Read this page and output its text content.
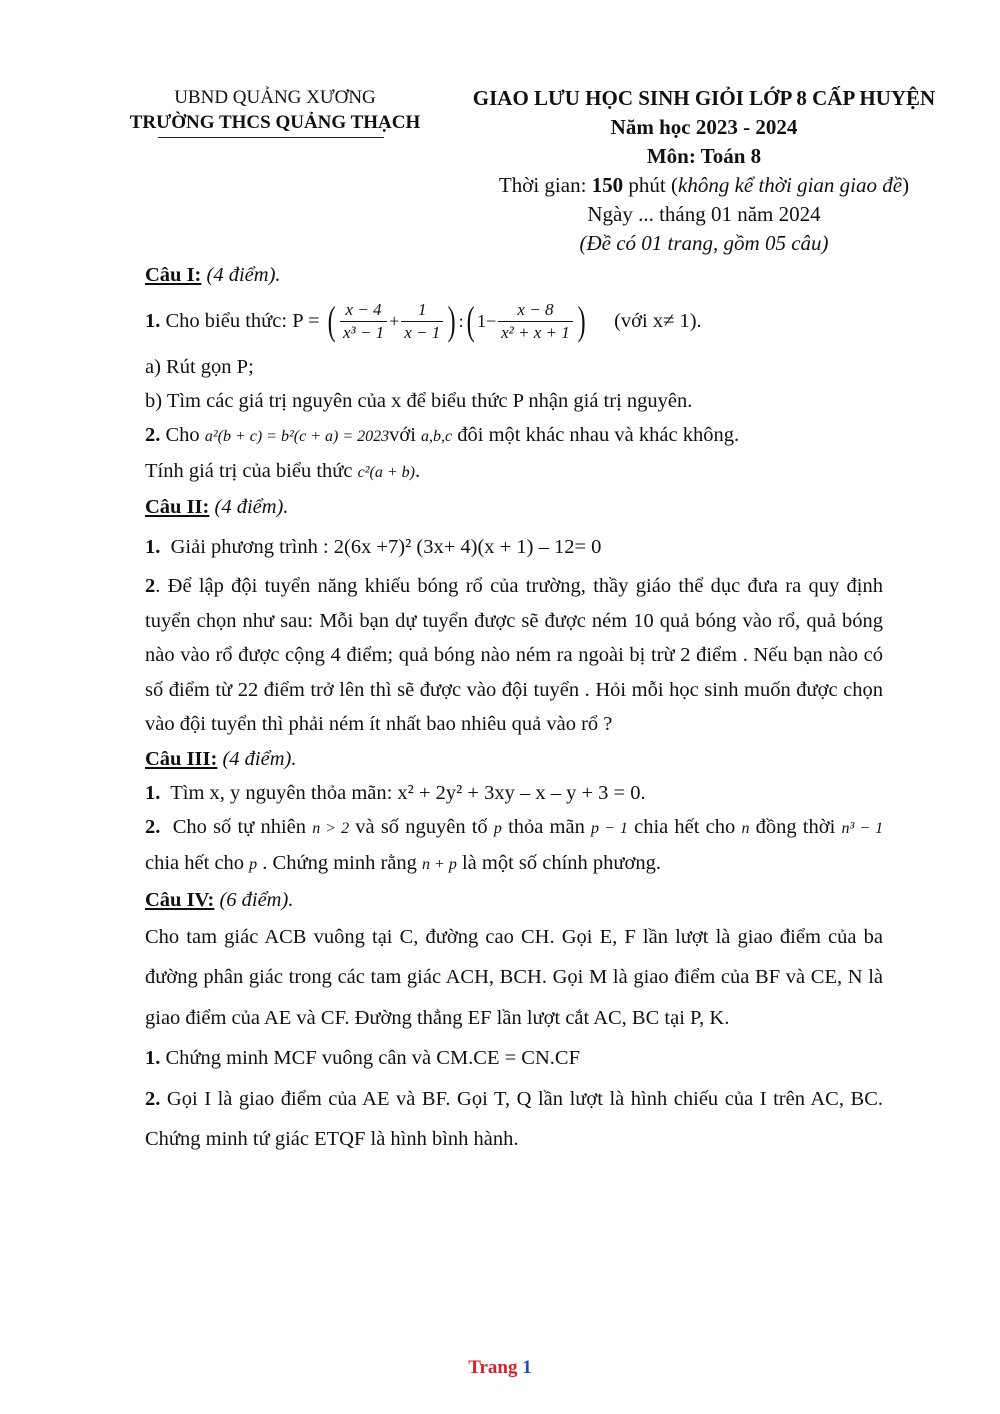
UBND QUẢNG XƯƠNG
TRƯỜNG THCS QUẢNG THẠCH
GIAO LƯU HỌC SINH GIỎI LỚP 8 CẤP HUYỆN
Năm học 2023 - 2024
Môn: Toán 8
Thời gian: 150 phút (không kể thời gian giao đề)
Ngày ... tháng 01 năm 2024
(Đề có 01 trang, gồm 05 câu)
Câu I: (4 điểm).
1.
Cho biểu thức: P =
( $\frac{x - 4}{\text{x³ − 1}} + \frac{1}{x - 1}$ ) : ( $1- \frac{x - 8}{\text{x² + x + 1}}$ ) (với x≠ 1).
a) Rút gọn P;
b) Tìm các giá trị nguyên của x để biểu thức P nhận giá trị nguyên.
2. Cho a²(b + c) = b²(c + a) = 2023với a,b,c đôi một khác nhau và khác không.
Tính giá trị của biểu thức c²(a + b).
Câu II: (4 điểm).
1. Giải phương trình : 2(6x +7)² (3x+ 4)(x + 1) – 12= 0
2. Để lập đội tuyển năng khiếu bóng rổ của trường, thầy giáo thể dục đưa ra quy định tuyển chọn như sau: Mỗi bạn dự tuyển được sẽ được ném 10 quả bóng vào rổ, quả bóng nào vào rổ được cộng 4 điểm; quả bóng nào ném ra ngoài bị trừ 2 điểm . Nếu bạn nào có số điểm từ 22 điểm trở lên thì sẽ được vào đội tuyển . Hỏi mỗi học sinh muốn được chọn vào đội tuyển thì phải ném ít nhất bao nhiêu quả vào rổ ?
Câu III: (4 điểm).
1. Tìm x, y nguyên thỏa mãn: x² + 2y² + 3xy – x – y + 3 = 0.
2. Cho số tự nhiên n > 2 và số nguyên tố p thỏa mãn p − 1 chia hết cho n đồng thời n³ − 1 chia hết cho p . Chứng minh rằng n + p là một số chính phương.
Câu IV: (6 điểm).
Cho tam giác ACB vuông tại C, đường cao CH. Gọi E, F lần lượt là giao điểm của ba đường phân giác trong các tam giác ACH, BCH. Gọi M là giao điểm của BF và CE, N là giao điểm của AE và CF. Đường thẳng EF lần lượt cắt AC, BC tại P, K.
1. Chứng minh MCF vuông cân và CM.CE = CN.CF
2. Gọi I là giao điểm của AE và BF. Gọi T, Q lần lượt là hình chiếu của I trên AC, BC. Chứng minh tứ giác ETQF là hình bình hành.
Trang 1
